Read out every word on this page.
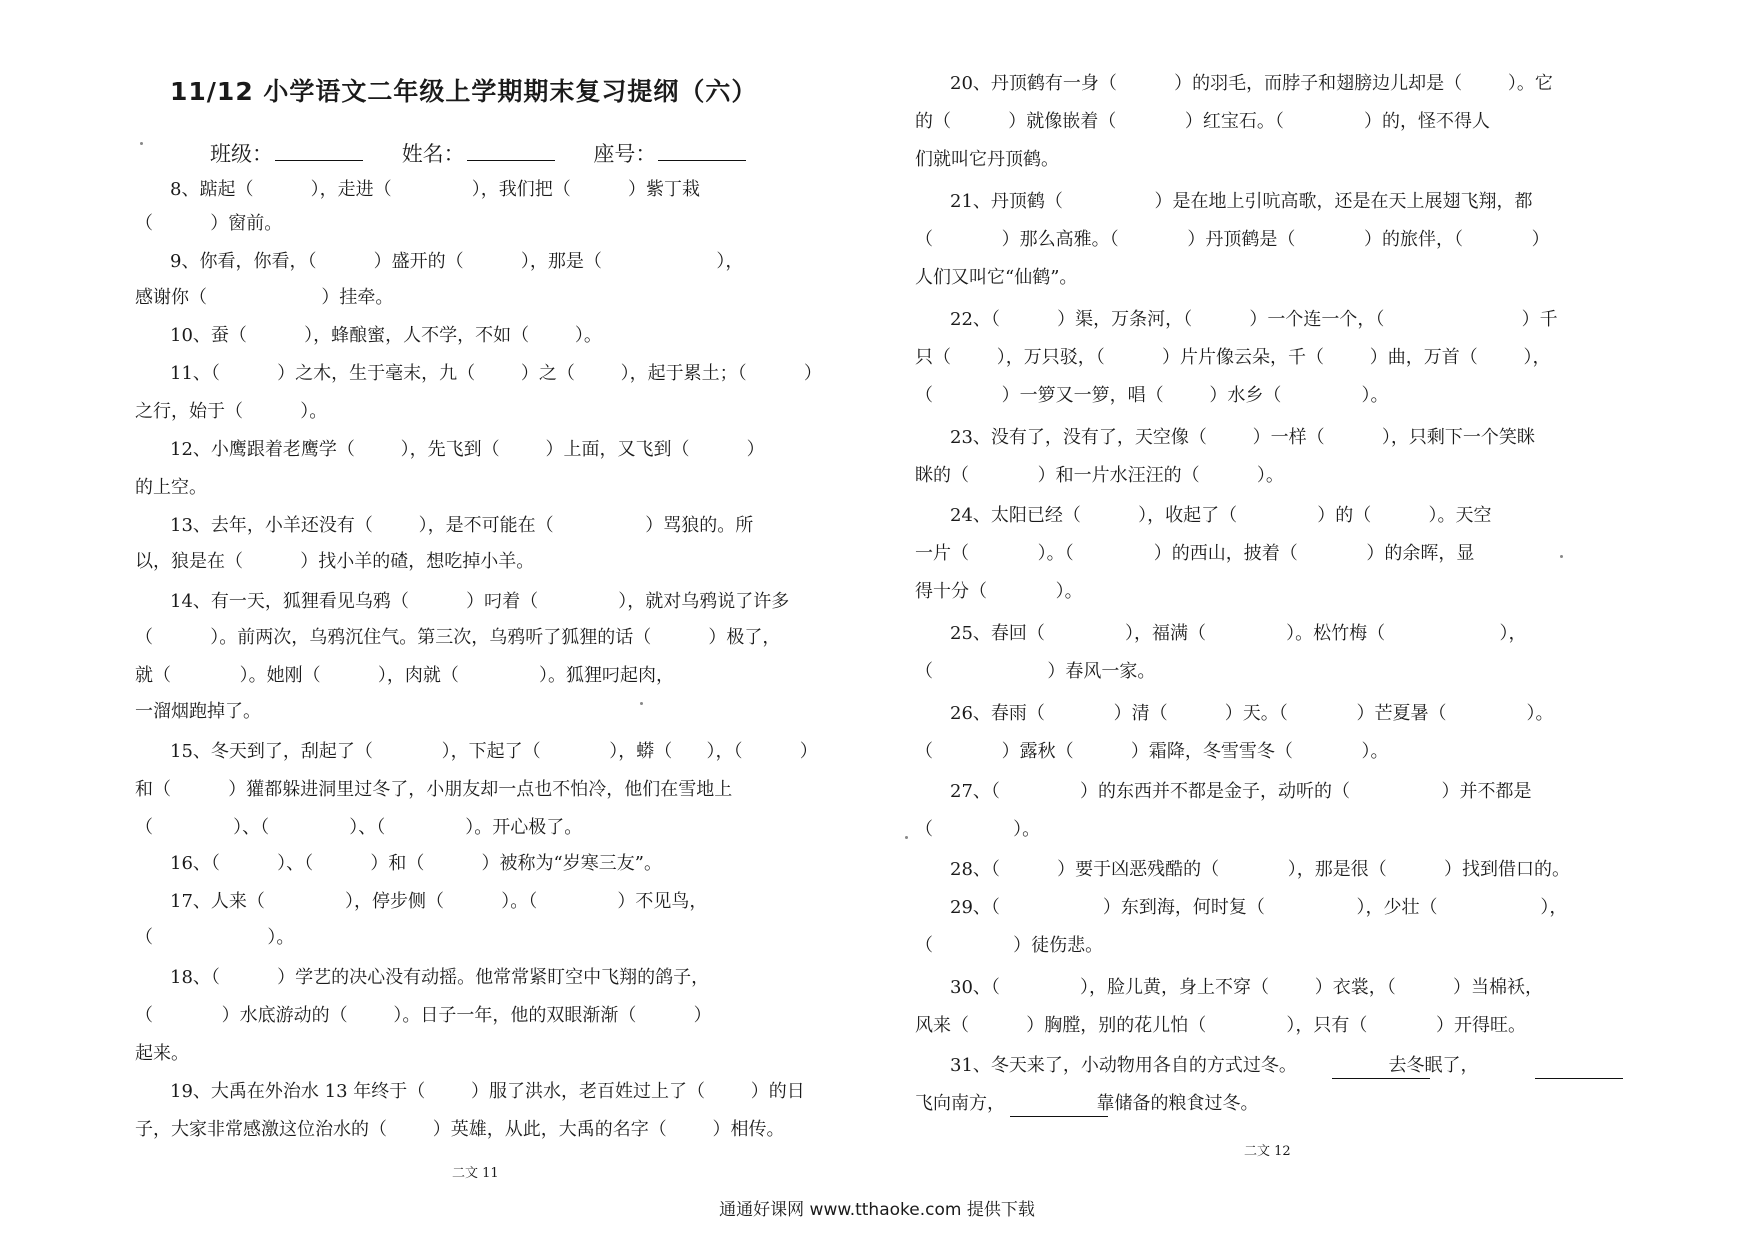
11/12 小学语文二年级上学期期末复习提纲（六）
班级：	姓名：	座号：
8、踮起（          ），走进（              ），我们把（          ）紫丁栽
（          ）窗前。
9、你看，你看，（          ）盛开的（          ），那是（                    ），
感谢你（                    ）挂牵。
10、蚕（          ），蜂酿蜜，人不学，不如（        ）。
11、（          ）之木，生于毫末，九（        ）之（        ），起于累土；（          ）
之行，始于（          ）。
12、小鹰跟着老鹰学（        ），先飞到（        ）上面，又飞到（          ）
的上空。
13、去年，小羊还没有（        ），是不可能在（                ）骂狼的。所
以，狼是在（          ）找小羊的碴，想吃掉小羊。
14、有一天，狐狸看见乌鸦（          ）叼着（              ），就对乌鸦说了许多
（          ）。前两次，乌鸦沉住气。第三次，乌鸦听了狐狸的话（          ）极了，
就（            ）。她刚（          ），肉就（              ）。狐狸叼起肉，
一溜烟跑掉了。
15、冬天到了，刮起了（            ），下起了（            ），蟒（      ），（          ）
和（          ）獾都躲进洞里过冬了，小朋友却一点也不怕冷，他们在雪地上
（              ）、（              ）、（              ）。开心极了。
16、（          ）、（          ）和（          ）被称为“岁寒三友”。
17、人来（              ），停步侧（          ）。（              ）不见鸟，
（                    ）。
18、（          ）学艺的决心没有动摇。他常常紧盯空中飞翔的鸽子，
（            ）水底游动的（        ）。日子一年，他的双眼渐渐（          ）
起来。
19、大禹在外治水 13 年终于（        ）服了洪水，老百姓过上了（        ）的日
子，大家非常感激这位治水的（        ）英雄，从此，大禹的名字（        ）相传。
二文 11
20、丹顶鹤有一身（          ）的羽毛，而脖子和翅膀边儿却是（        ）。它
的（          ）就像嵌着（            ）红宝石。（              ）的，怪不得人
们就叫它丹顶鹤。
21、丹顶鹤（                ）是在地上引吭高歌，还是在天上展翅飞翔，都
（            ）那么高雅。（            ）丹顶鹤是（            ）的旅伴，（            ）
人们又叫它“仙鹤”。
22、（          ）渠，万条河，（          ）一个连一个，（                        ）千
只（        ），万只驳，（          ）片片像云朵，千（        ）曲，万首（        ），
（            ）一箩又一箩，唱（        ）水乡（              ）。
23、没有了，没有了，天空像（        ）一样（          ），只剩下一个笑眯
眯的（            ）和一片水汪汪的（          ）。
24、太阳已经（          ），收起了（              ）的（          ）。天空
一片（            ）。（              ）的西山，披着（            ）的余晖，显
得十分（            ）。
25、春回（              ），福满（              ）。松竹梅（                    ），
（                    ）春风一家。
26、春雨（            ）清（          ）天。（            ）芒夏暑（              ）。
（            ）露秋（          ）霜降，冬雪雪冬（            ）。
27、（              ）的东西并不都是金子，动听的（                ）并不都是
（              ）。
28、（          ）要于凶恶残酷的（            ），那是很（          ）找到借口的。
29、（                  ）东到海，何时复（                ），少壮（                  ），
（              ）徒伤悲。
30、（              ），脸儿黄，身上不穿（        ）衣裳，（          ）当棉袄，
风来（          ）胸膛，别的花儿怕（              ），只有（            ）开得旺。
31、冬天来了，小动物用各自的方式过冬。                去冬眠了，
飞向南方，                靠储备的粮食过冬。
二文 12
通通好课网 www.tthaoke.com 提供下载
